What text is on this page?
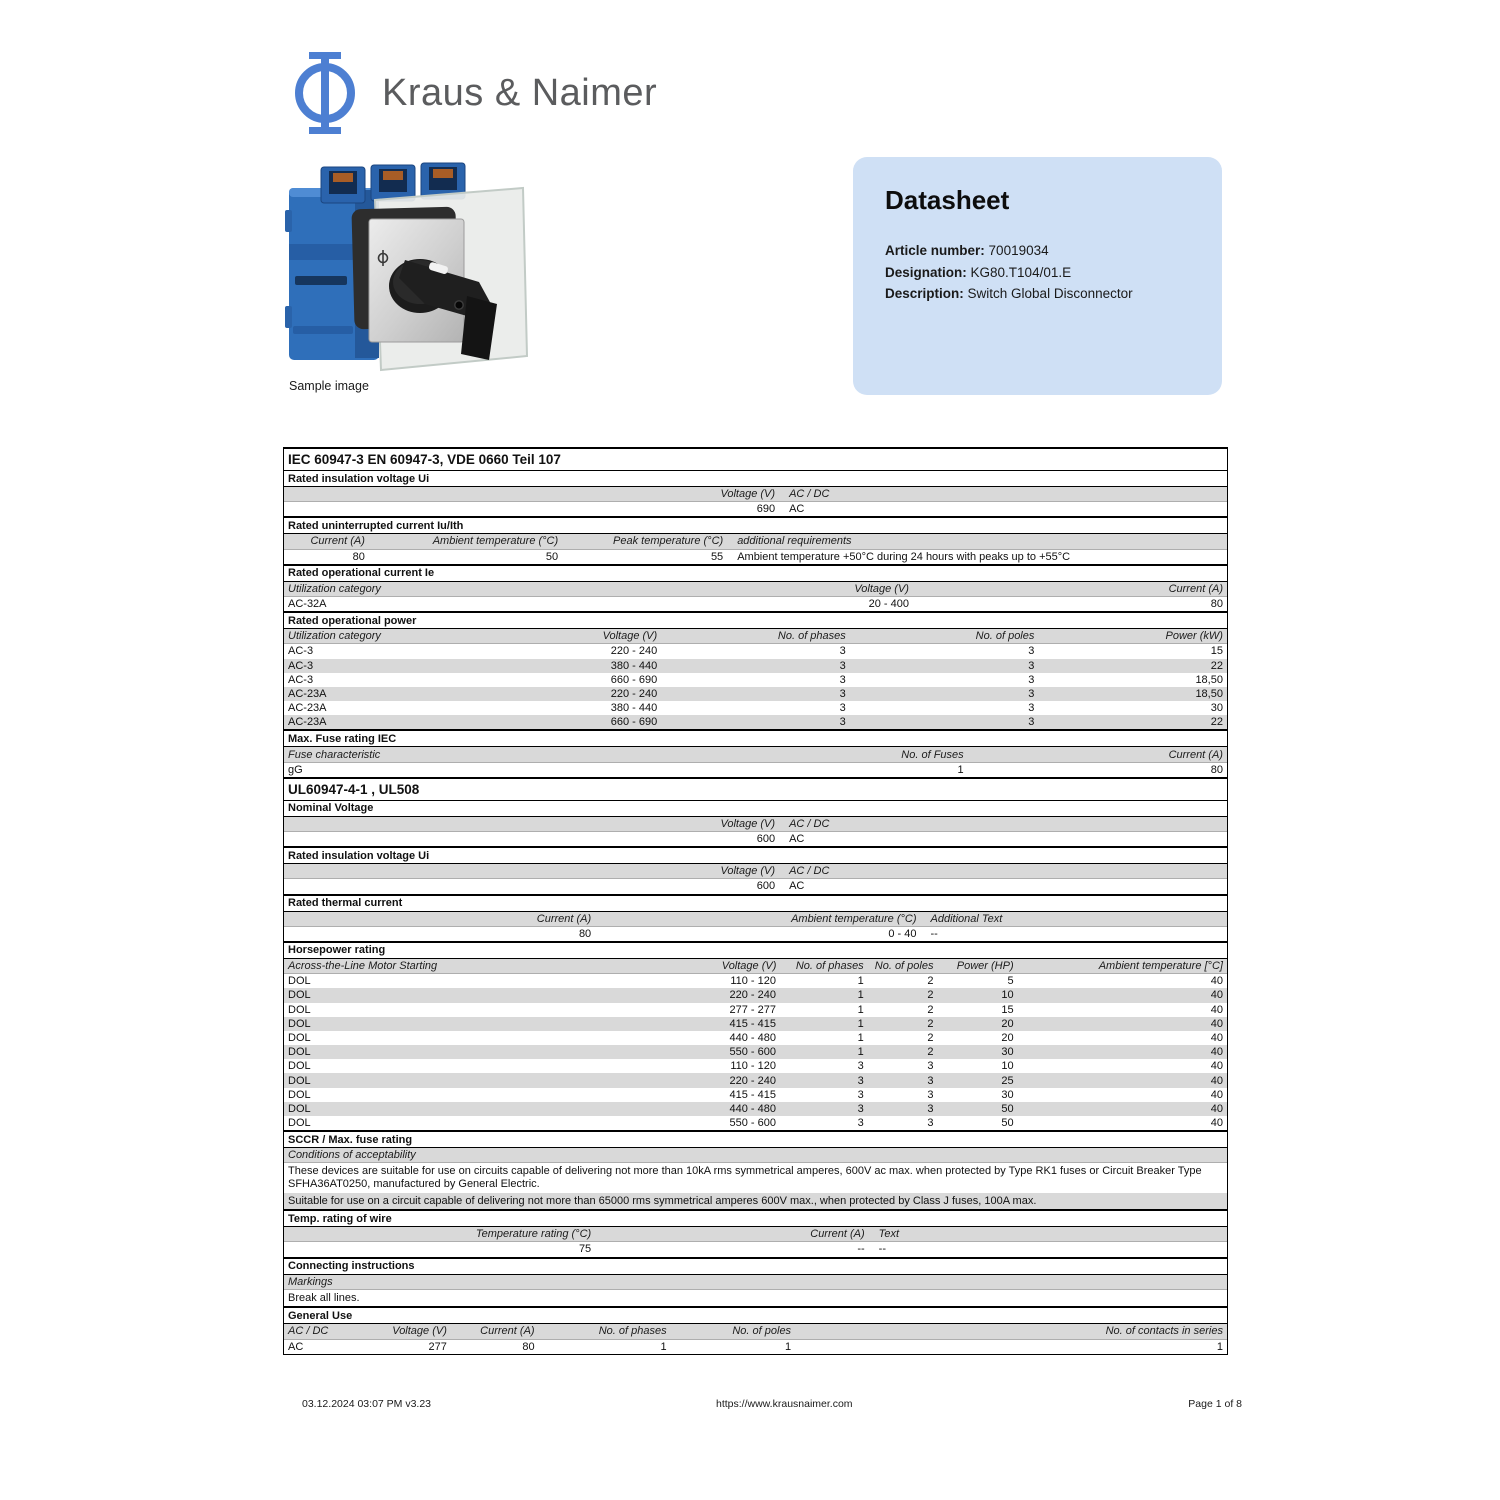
Kraus & Naimer
Sample image
Datasheet
Article number: 70019034
Designation: KG80.T104/01.E
Description: Switch Global Disconnector
IEC 60947-3 EN 60947-3, VDE 0660 Teil 107
Rated insulation voltage Ui
Voltage (V)	AC / DC
690	AC
Rated uninterrupted current Iu/Ith
Current (A)	Ambient temperature (°C)	Peak temperature (°C)	additional requirements
80	50	55	Ambient temperature +50°C during 24 hours with peaks up to +55°C
Rated operational current Ie
Utilization category	Voltage (V)	Current (A)
AC-32A	20 - 400	80
Rated operational power
Utilization category	Voltage (V)	No. of phases	No. of poles	Power (kW)
AC-3	220 - 240	3	3	15
AC-3	380 - 440	3	3	22
AC-3	660 - 690	3	3	18,50
AC-23A	220 - 240	3	3	18,50
AC-23A	380 - 440	3	3	30
AC-23A	660 - 690	3	3	22
Max. Fuse rating IEC
Fuse characteristic	No. of Fuses	Current (A)
gG	1	80
UL60947-4-1 , UL508
Nominal Voltage
Voltage (V)	AC / DC
600	AC
Rated insulation voltage Ui
Voltage (V)	AC / DC
600	AC
Rated thermal current
Current (A)	Ambient temperature (°C)	Additional Text
80	0 - 40	--
Horsepower rating
Across-the-Line Motor Starting	Voltage (V)	No. of phases	No. of poles	Power (HP)	Ambient temperature [°C]
DOL	110 - 120	1	2	5	40
DOL	220 - 240	1	2	10	40
DOL	277 - 277	1	2	15	40
DOL	415 - 415	1	2	20	40
DOL	440 - 480	1	2	20	40
DOL	550 - 600	1	2	30	40
DOL	110 - 120	3	3	10	40
DOL	220 - 240	3	3	25	40
DOL	415 - 415	3	3	30	40
DOL	440 - 480	3	3	50	40
DOL	550 - 600	3	3	50	40
SCCR / Max. fuse rating
Conditions of acceptability
These devices are suitable for use on circuits capable of delivering not more than 10kA rms symmetrical amperes, 600V ac max. when protected by Type RK1 fuses or Circuit Breaker Type SFHA36AT0250, manufactured by General Electric.
Suitable for use on a circuit capable of delivering not more than 65000 rms symmetrical amperes 600V max., when protected by Class J fuses, 100A max.
Temp. rating of wire
Temperature rating (°C)	Current (A)	Text
75	--	--
Connecting instructions
Markings
Break all lines.
General Use
AC / DC	Voltage (V)	Current (A)	No. of phases	No. of poles	No. of contacts in series
AC	277	80	1	1	1
03.12.2024 03:07 PM v3.23	https://www.krausnaimer.com	Page 1 of 8
